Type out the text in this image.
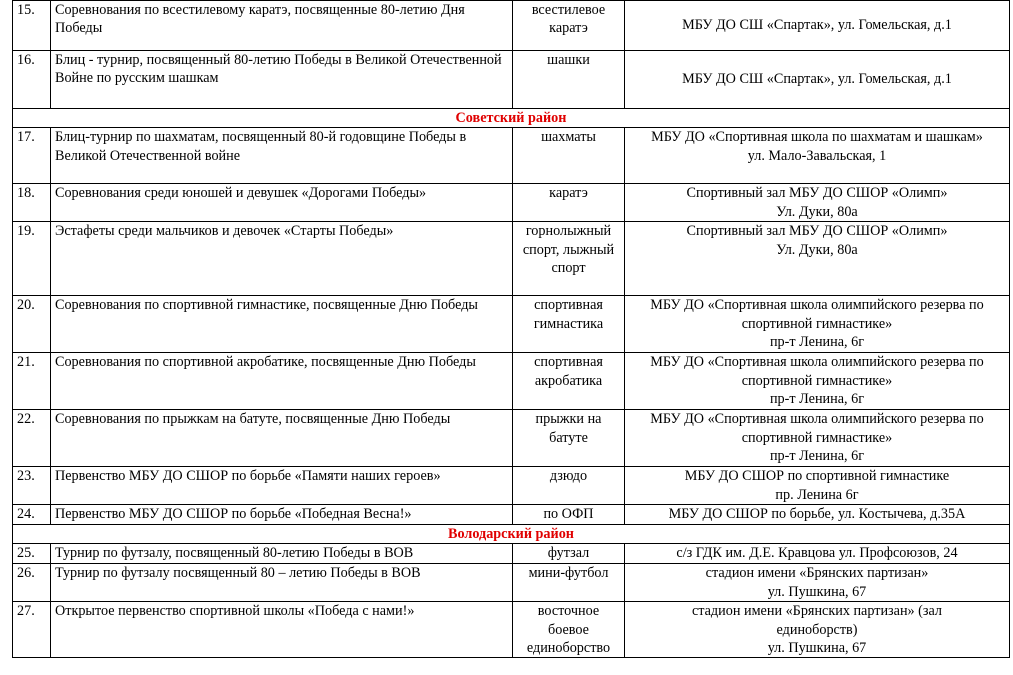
15.	Соревнования по всестилевому каратэ, посвященные 80-летию Дня Победы	всестилевое каратэ	МБУ ДО СШ «Спартак», ул. Гомельская, д.1

16.	Блиц - турнир, посвященный 80-летию Победы в Великой Отечественной Войне по русским шашкам	шашки	МБУ ДО СШ «Спартак», ул. Гомельская, д.1

Советский район			
17.	Блиц-турнир по шахматам, посвященный 80-й годовщине Победы в Великой Отечественной войне	шахматы	МБУ ДО «Спортивная школа по шахматам и шашкам»
ул. Мало-Завальская, 1

18.	Соревнования среди юношей и девушек «Дорогами Победы»	каратэ	Спортивный зал МБУ ДО СШОР «Олимп»
Ул. Дуки, 80а

19.	Эстафеты среди мальчиков и девочек «Старты Победы»	горнолыжный спорт, лыжный спорт	Спортивный зал МБУ ДО СШОР «Олимп»
Ул. Дуки, 80а

20.	Соревнования по спортивной гимнастике, посвященные Дню Победы	спортивная гимнастика	МБУ ДО «Спортивная школа олимпийского резерва по спортивной гимнастике»
пр-т Ленина, 6г

21.	Соревнования по спортивной акробатике, посвященные Дню Победы	спортивная акробатика	МБУ ДО «Спортивная школа олимпийского резерва по спортивной гимнастике»
пр-т Ленина, 6г

22.	Соревнования по прыжкам на батуте, посвященные Дню Победы	прыжки на батуте	МБУ ДО «Спортивная школа олимпийского резерва по спортивной гимнастике»
пр-т Ленина, 6г

23.	Первенство МБУ ДО СШОР по борьбе «Памяти наших героев»	дзюдо	МБУ ДО СШОР по спортивной гимнастике
пр. Ленина 6г

24.	Первенство МБУ ДО СШОР по борьбе «Победная Весна!»	по ОФП	МБУ ДО СШОР по борьбе, ул. Костычева, д.35А

Володарский район			
25.	Турнир по футзалу, посвященный 80-летию Победы в ВОВ	футзал	с/з ГДК им. Д.Е. Кравцова ул. Профсоюзов, 24

26.	Турнир по футзалу посвященный 80 – летию Победы в ВОВ	мини-футбол	стадион имени «Брянских партизан»
ул. Пушкина, 67

27.	Открытое первенство спортивной школы «Победа с нами!»	восточное боевое единоборство	стадион имени «Брянских партизан» (зал единоборств)
ул. Пушкина, 67
